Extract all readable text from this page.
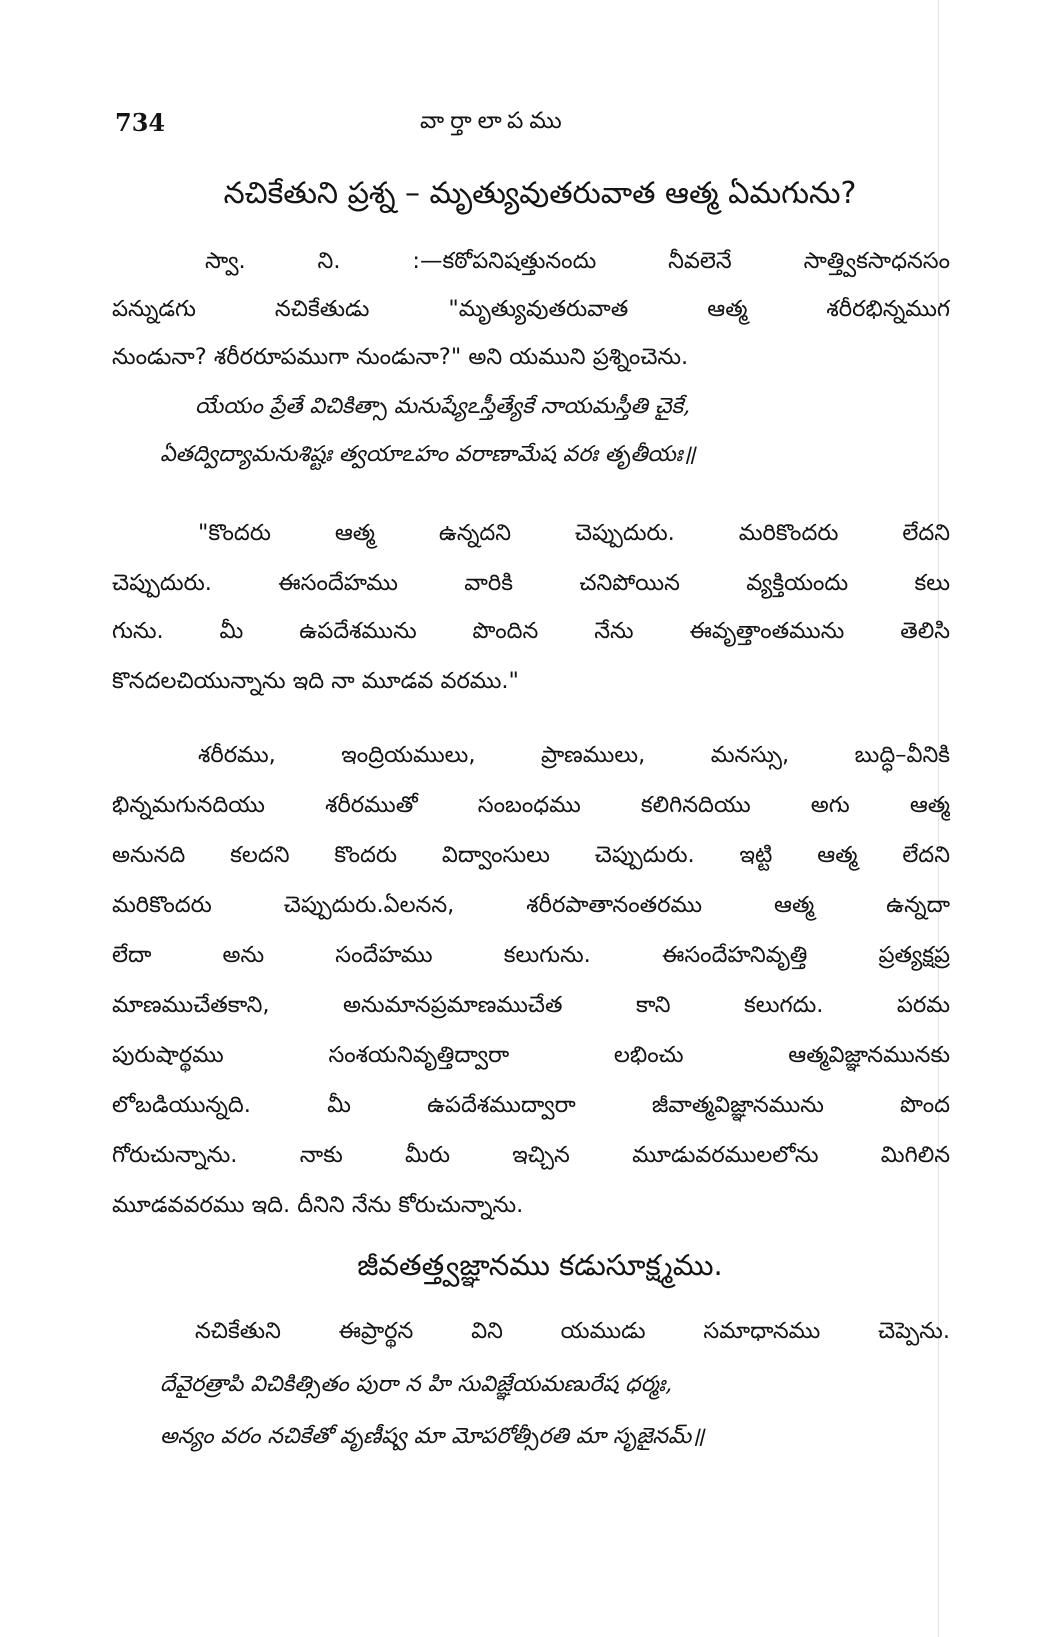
734	వార్తాలాపము
నచికేతుని ప్రశ్న – మృత్యువుతరువాత ఆత్మ ఏమగును?
స్వా. ని. :—కఠోపనిషత్తునందు నీవలెనే సాత్త్వికసాధనసం
పన్నుడగు నచికేతుడు "మృత్యువుతరువాత ఆత్మ శరీరభిన్నముగ
నుండునా? శరీరరూపముగా నుండునా?" అని యముని ప్రశ్నించెను.
యేయం ప్రేతే విచికిత్సా మనుష్యేఽస్తీత్యేకే నాయమస్తీతి చైకే,
ఏతద్విద్యామనుశిష్టః త్వయాఽహం వరాణామేష వరః తృతీయః॥
"కొందరు ఆత్మ ఉన్నదని చెప్పుదురు. మరికొందరు లేదని
చెప్పుదురు. ఈసందేహము వారికి చనిపోయిన వ్యక్తియందు కలు
గును. మీ ఉపదేశమును పొందిన నేను ఈవృత్తాంతమును తెలిసి
కొనదలచియున్నాను ఇది నా మూడవ వరము."
శరీరము, ఇంద్రియములు, ప్రాణములు, మనస్సు, బుద్ధి–వీనికి
భిన్నమగునదియు శరీరముతో సంబంధము కలిగినదియు అగు ఆత్మ
అనునది కలదని కొందరు విద్వాంసులు చెప్పుదురు. ఇట్టి ఆత్మ లేదని
మరికొందరు చెప్పుదురు.ఏలనన, శరీరపాతానంతరము ఆత్మ ఉన్నదా
లేదా అను సందేహము కలుగును. ఈసందేహనివృత్తి ప్రత్యక్షప్ర
మాణముచేతకాని, అనుమానప్రమాణముచేత కాని కలుగదు. పరమ
పురుషార్థము సంశయనివృత్తిద్వారా లభించు ఆత్మవిజ్ఞానమునకు
లోబడియున్నది. మీ ఉపదేశముద్వారా జీవాత్మవిజ్ఞానమును పొంద
గోరుచున్నాను. నాకు మీరు ఇచ్చిన మూడువరములలోను మిగిలిన
మూడవవరము ఇది. దీనిని నేను కోరుచున్నాను.
జీవతత్త్వజ్ఞానము కడుసూక్ష్మము.
నచికేతుని ఈప్రార్థన విని యముడు సమాధానము చెప్పెను.
దేవైరత్రాపి విచికిత్సితం పురా న హి సువిజ్ఞేయమణురేష ధర్మః,
అన్యం వరం నచికేతో వృణీష్వ మా మోపరోత్సీరతి మా సృజైనమ్॥
